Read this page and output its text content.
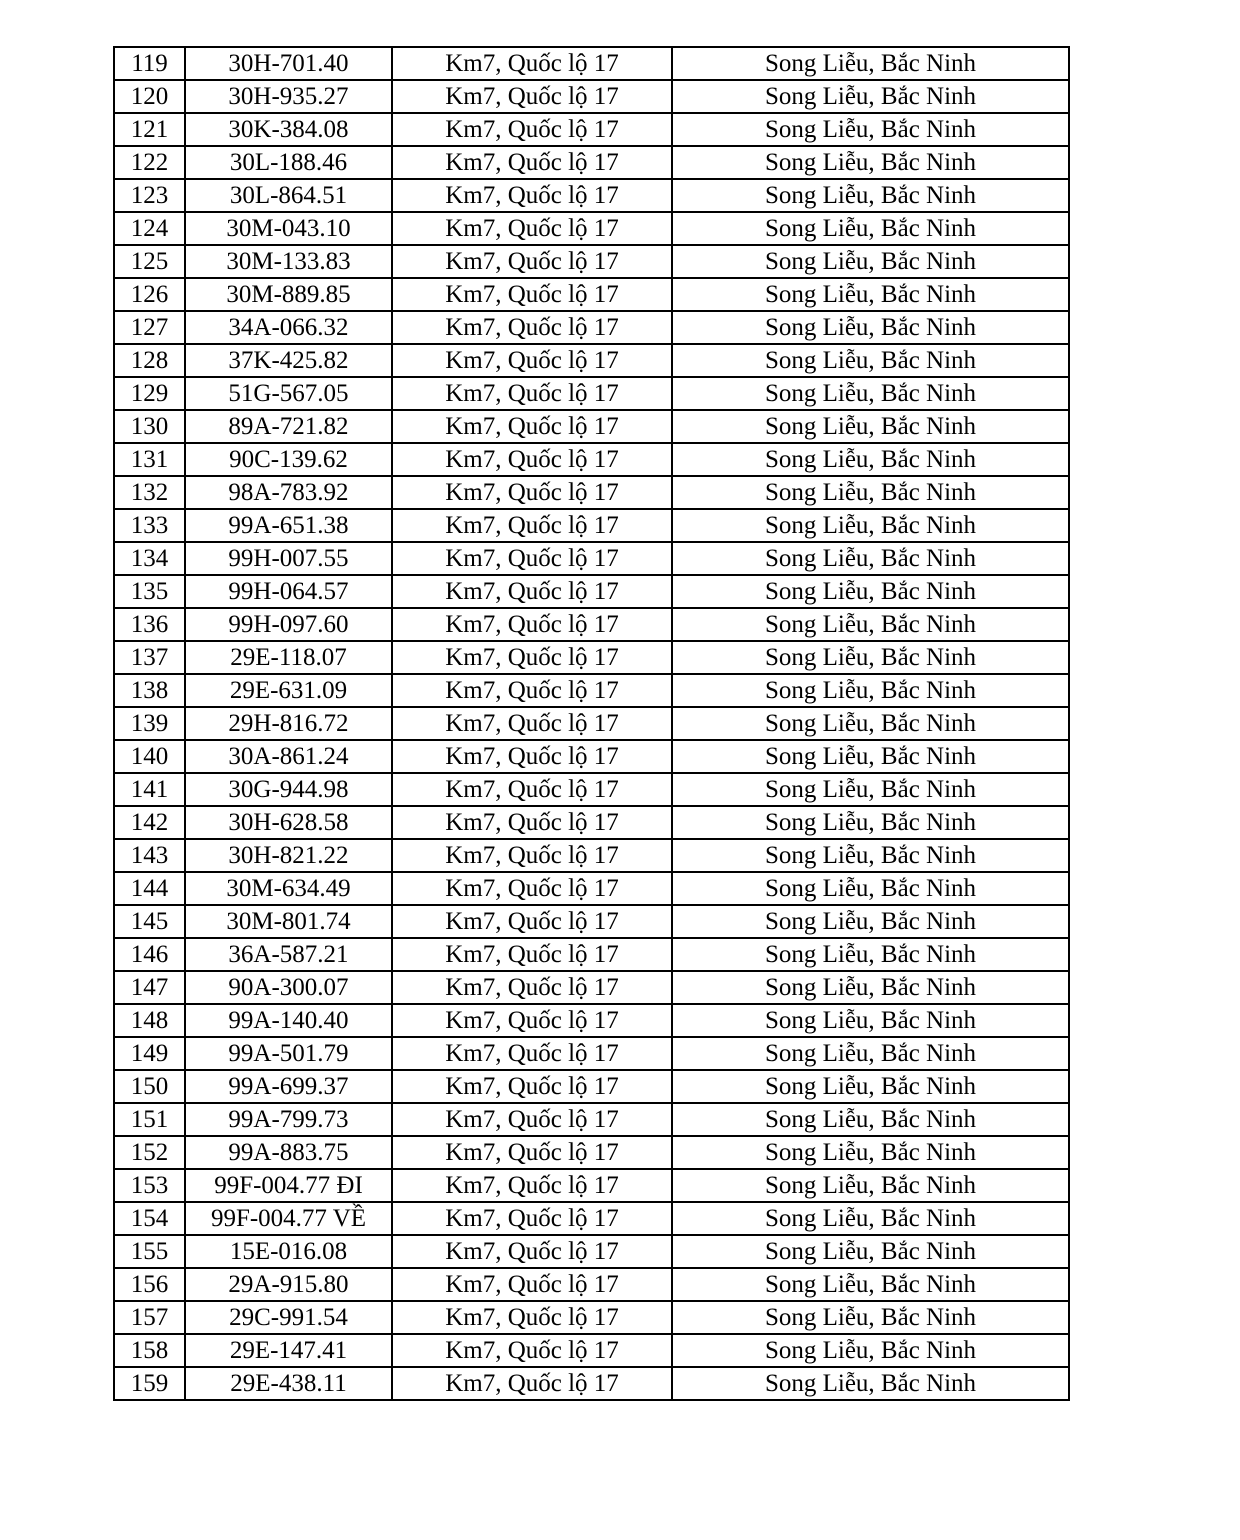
119	30H-701.40	Km7, Quốc lộ 17	Song Liễu, Bắc Ninh
120	30H-935.27	Km7, Quốc lộ 17	Song Liễu, Bắc Ninh
121	30K-384.08	Km7, Quốc lộ 17	Song Liễu, Bắc Ninh
122	30L-188.46	Km7, Quốc lộ 17	Song Liễu, Bắc Ninh
123	30L-864.51	Km7, Quốc lộ 17	Song Liễu, Bắc Ninh
124	30M-043.10	Km7, Quốc lộ 17	Song Liễu, Bắc Ninh
125	30M-133.83	Km7, Quốc lộ 17	Song Liễu, Bắc Ninh
126	30M-889.85	Km7, Quốc lộ 17	Song Liễu, Bắc Ninh
127	34A-066.32	Km7, Quốc lộ 17	Song Liễu, Bắc Ninh
128	37K-425.82	Km7, Quốc lộ 17	Song Liễu, Bắc Ninh
129	51G-567.05	Km7, Quốc lộ 17	Song Liễu, Bắc Ninh
130	89A-721.82	Km7, Quốc lộ 17	Song Liễu, Bắc Ninh
131	90C-139.62	Km7, Quốc lộ 17	Song Liễu, Bắc Ninh
132	98A-783.92	Km7, Quốc lộ 17	Song Liễu, Bắc Ninh
133	99A-651.38	Km7, Quốc lộ 17	Song Liễu, Bắc Ninh
134	99H-007.55	Km7, Quốc lộ 17	Song Liễu, Bắc Ninh
135	99H-064.57	Km7, Quốc lộ 17	Song Liễu, Bắc Ninh
136	99H-097.60	Km7, Quốc lộ 17	Song Liễu, Bắc Ninh
137	29E-118.07	Km7, Quốc lộ 17	Song Liễu, Bắc Ninh
138	29E-631.09	Km7, Quốc lộ 17	Song Liễu, Bắc Ninh
139	29H-816.72	Km7, Quốc lộ 17	Song Liễu, Bắc Ninh
140	30A-861.24	Km7, Quốc lộ 17	Song Liễu, Bắc Ninh
141	30G-944.98	Km7, Quốc lộ 17	Song Liễu, Bắc Ninh
142	30H-628.58	Km7, Quốc lộ 17	Song Liễu, Bắc Ninh
143	30H-821.22	Km7, Quốc lộ 17	Song Liễu, Bắc Ninh
144	30M-634.49	Km7, Quốc lộ 17	Song Liễu, Bắc Ninh
145	30M-801.74	Km7, Quốc lộ 17	Song Liễu, Bắc Ninh
146	36A-587.21	Km7, Quốc lộ 17	Song Liễu, Bắc Ninh
147	90A-300.07	Km7, Quốc lộ 17	Song Liễu, Bắc Ninh
148	99A-140.40	Km7, Quốc lộ 17	Song Liễu, Bắc Ninh
149	99A-501.79	Km7, Quốc lộ 17	Song Liễu, Bắc Ninh
150	99A-699.37	Km7, Quốc lộ 17	Song Liễu, Bắc Ninh
151	99A-799.73	Km7, Quốc lộ 17	Song Liễu, Bắc Ninh
152	99A-883.75	Km7, Quốc lộ 17	Song Liễu, Bắc Ninh
153	99F-004.77 ĐI	Km7, Quốc lộ 17	Song Liễu, Bắc Ninh
154	99F-004.77 VỀ	Km7, Quốc lộ 17	Song Liễu, Bắc Ninh
155	15E-016.08	Km7, Quốc lộ 17	Song Liễu, Bắc Ninh
156	29A-915.80	Km7, Quốc lộ 17	Song Liễu, Bắc Ninh
157	29C-991.54	Km7, Quốc lộ 17	Song Liễu, Bắc Ninh
158	29E-147.41	Km7, Quốc lộ 17	Song Liễu, Bắc Ninh
159	29E-438.11	Km7, Quốc lộ 17	Song Liễu, Bắc Ninh
